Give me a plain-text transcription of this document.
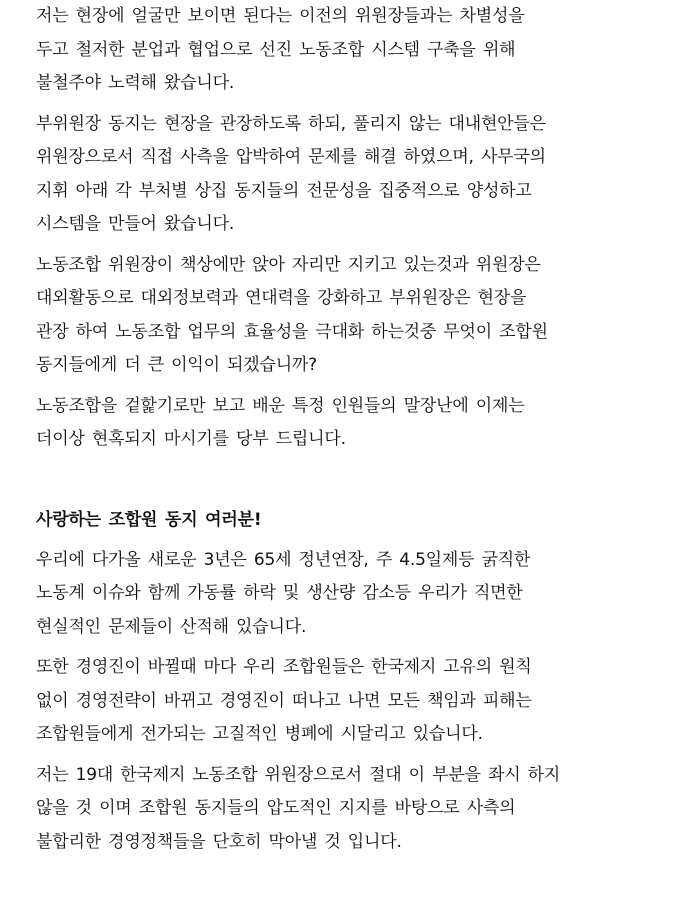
저는 현장에 얼굴만 보이면 된다는 이전의 위원장들과는 차별성을
두고 철저한 분업과 협업으로 선진 노동조합 시스템 구축을 위해
불철주야 노력해 왔습니다.
부위원장 동지는 현장을 관장하도록 하되, 풀리지 않는 대내현안들은
위원장으로서 직접 사측을 압박하여 문제를 해결 하였으며, 사무국의
지휘 아래 각 부처별 상집 동지들의 전문성을 집중적으로 양성하고
시스템을 만들어 왔습니다.
노동조합 위원장이 책상에만 앉아 자리만 지키고 있는것과 위원장은
대외활동으로 대외정보력과 연대력을 강화하고 부위원장은 현장을
관장 하여 노동조합 업무의 효율성을 극대화 하는것중 무엇이 조합원
동지들에게 더 큰 이익이 되겠습니까?
노동조합을 겉핥기로만 보고 배운 특정 인원들의 말장난에 이제는
더이상 현혹되지 마시기를 당부 드립니다.
사랑하는 조합원 동지 여러분!
우리에 다가올 새로운 3년은 65세 정년연장, 주 4.5일제등 굵직한
노동계 이슈와 함께 가동률 하락 및 생산량 감소등 우리가 직면한
현실적인 문제들이 산적해 있습니다.
또한 경영진이 바뀔때 마다 우리 조합원들은 한국제지 고유의 원칙
없이 경영전략이 바뀌고 경영진이 떠나고 나면 모든 책임과 피해는
조합원들에게 전가되는 고질적인 병폐에 시달리고 있습니다.
저는 19대 한국제지 노동조합 위원장으로서 절대 이 부분을 좌시 하지
않을 것 이며 조합원 동지들의 압도적인 지지를 바탕으로 사측의
불합리한 경영정책들을 단호히 막아낼 것 입니다.
